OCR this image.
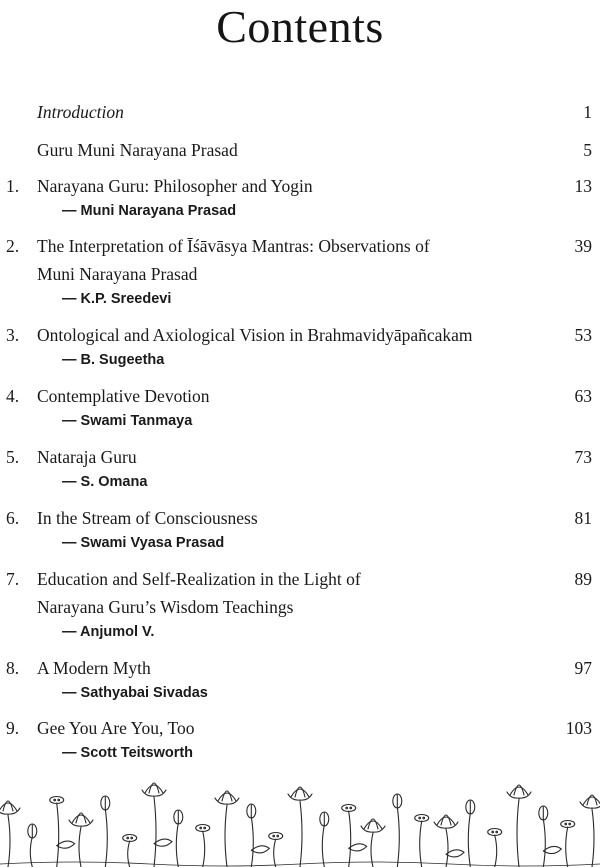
Contents
Introduction	1
Guru Muni Narayana Prasad	5
1.	Narayana Guru: Philosopher and Yogin	13
— Muni Narayana Prasad
2.	The Interpretation of Īśāvāsya Mantras: Observations of	39
Muni Narayana Prasad
— K.P. Sreedevi
3.	Ontological and Axiological Vision in Brahmavidyāpañcakam	53
— B. Sugeetha
4.	Contemplative Devotion	63
— Swami Tanmaya
5.	Nataraja Guru	73
— S. Omana
6.	In the Stream of Consciousness	81
— Swami Vyasa Prasad
7.	Education and Self-Realization in the Light of	89
Narayana Guru’s Wisdom Teachings
— Anjumol V.
8.	A Modern Myth	97
— Sathyabai Sivadas
9.	Gee You Are You, Too	103
— Scott Teitsworth
